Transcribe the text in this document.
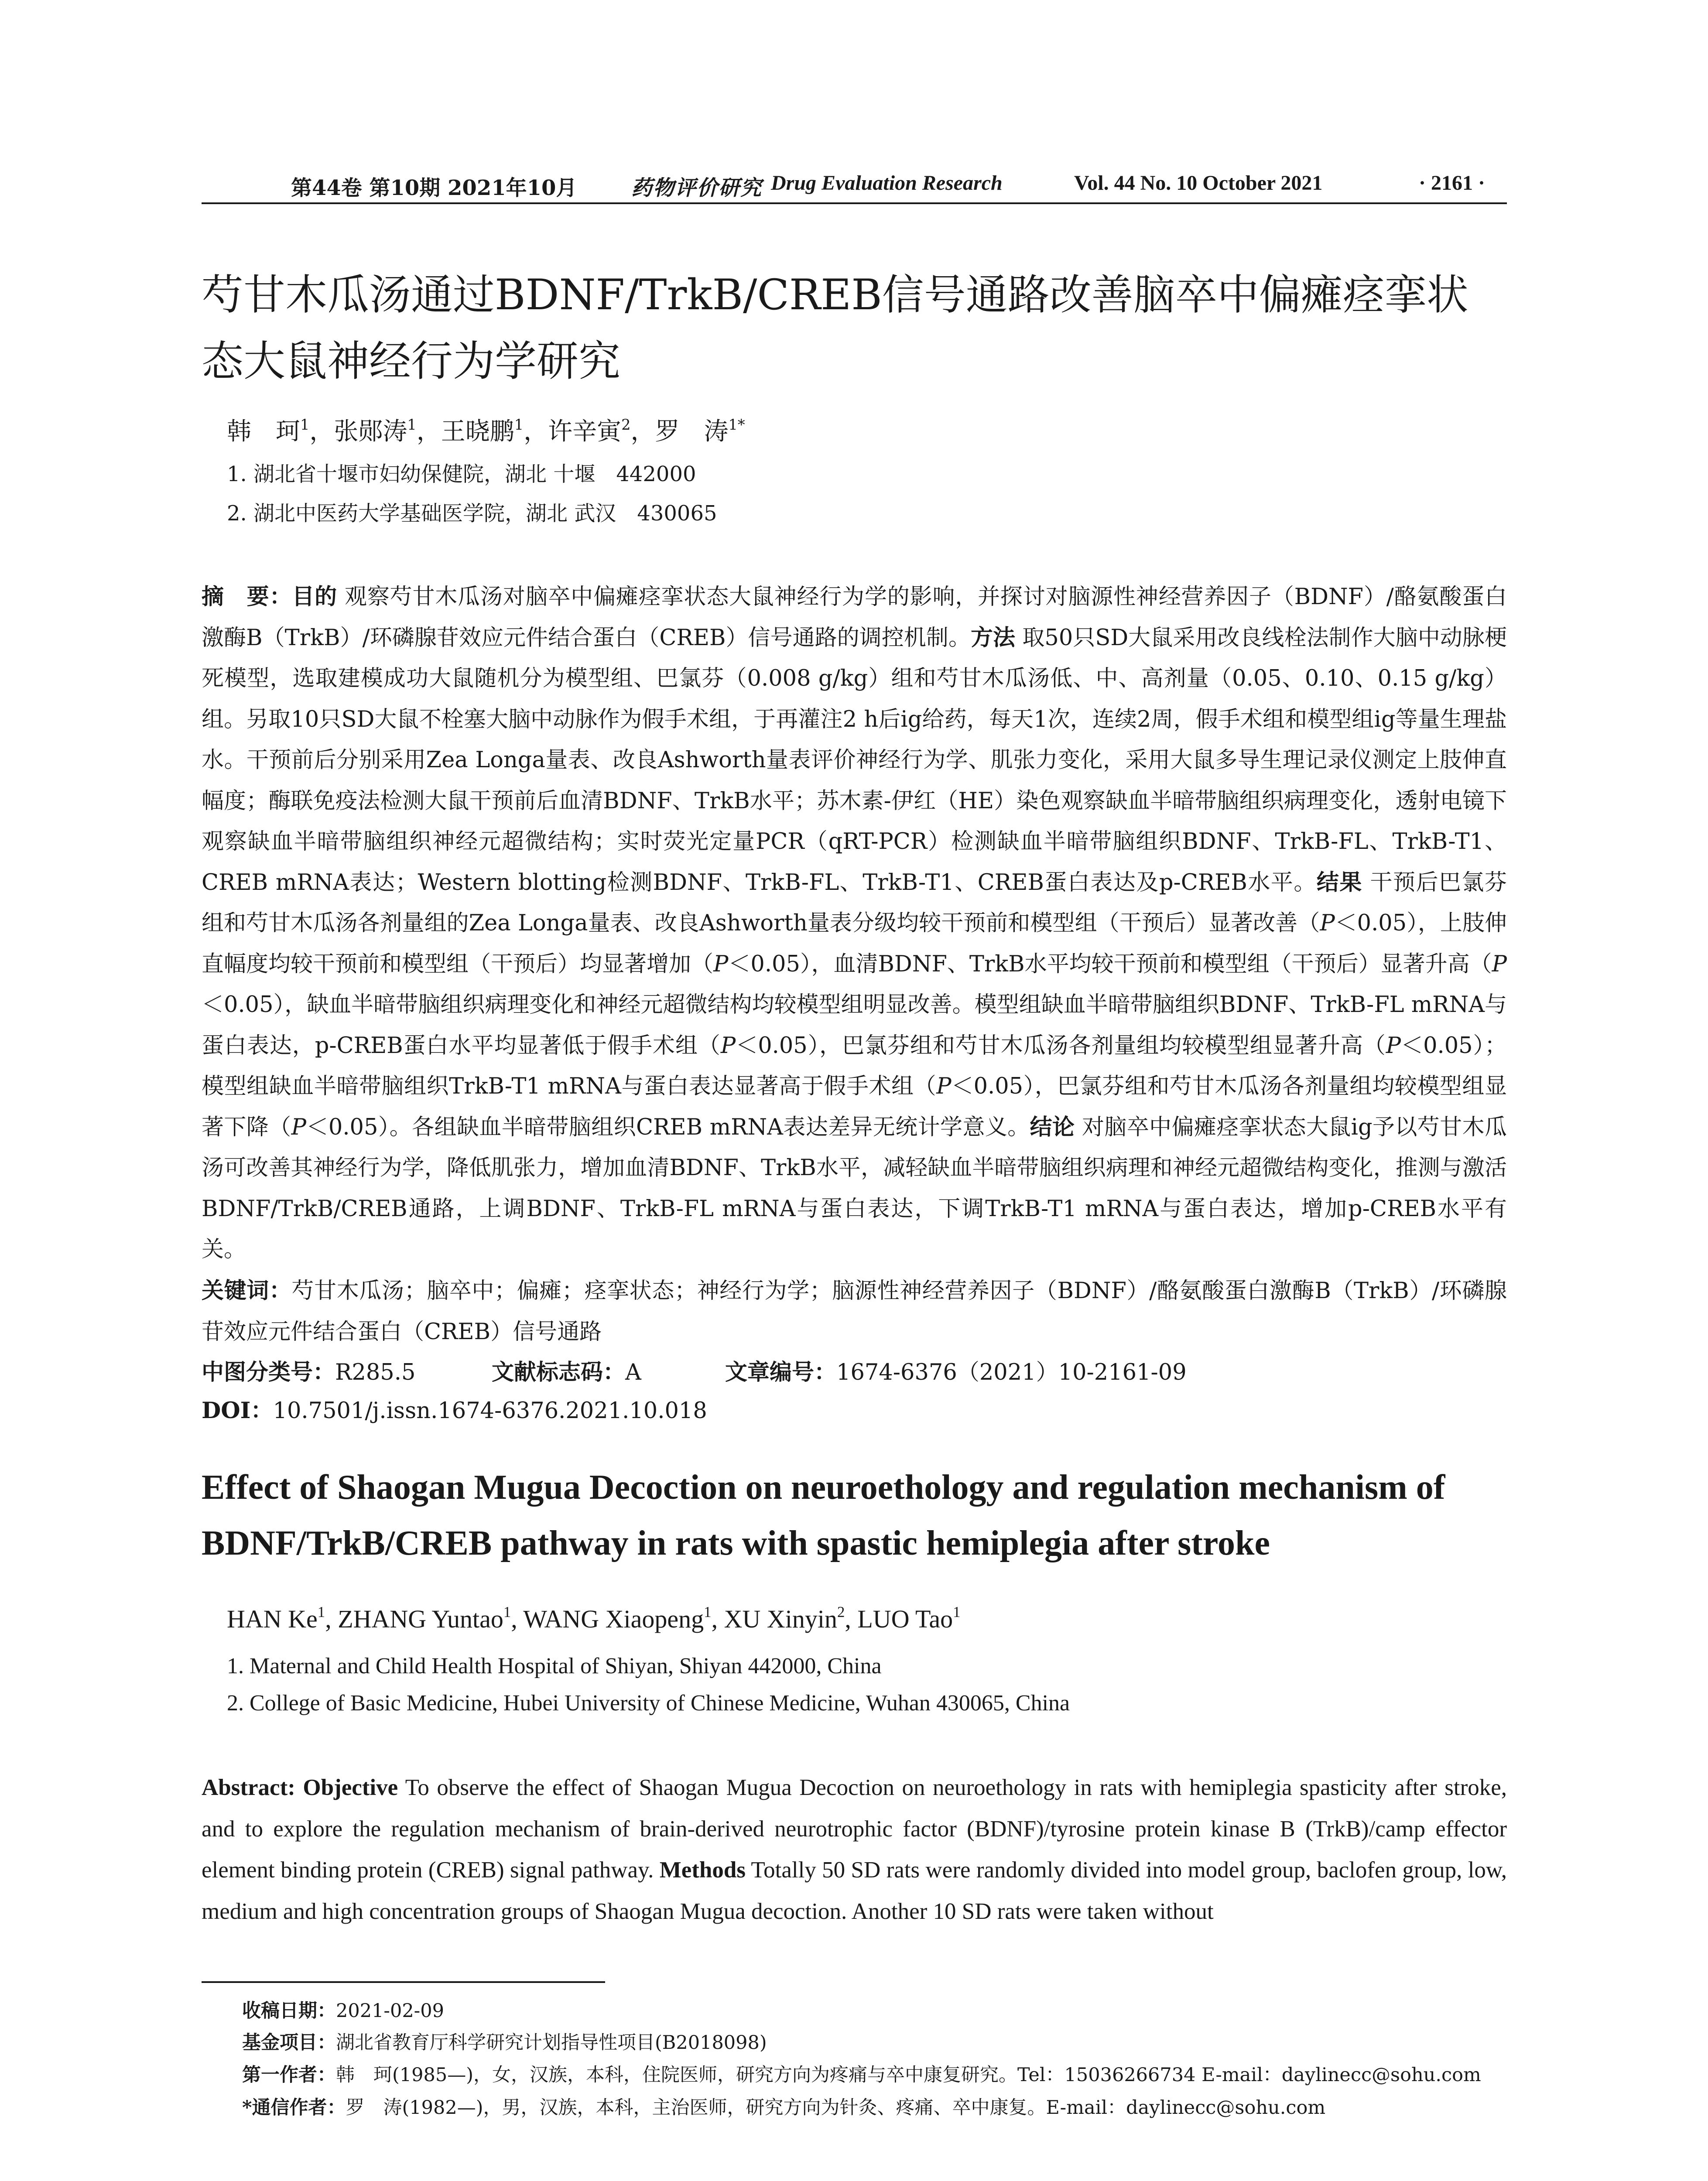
第44卷 第10期 2021年10月	药物评价研究 Drug Evaluation Research	Vol. 44 No. 10 October 2021	· 2161 ·
芍甘木瓜汤通过BDNF/TrkB/CREB信号通路改善脑卒中偏瘫痉挛状态大鼠神经行为学研究
韩　珂$^1$，张郧涛$^1$，王晓鹏$^1$，许辛寅$^2$，罗　涛$^{1*}$
1. 湖北省十堰市妇幼保健院，湖北 十堰　442000
2. 湖北中医药大学基础医学院，湖北 武汉　430065

摘　要：目的 观察芍甘木瓜汤对脑卒中偏瘫痉挛状态大鼠神经行为学的影响，并探讨对脑源性神经营养因子（BDNF）/酪氨酸蛋白激酶B（TrkB）/环磷腺苷效应元件结合蛋白（CREB）信号通路的调控机制。方法 取50只SD大鼠采用改良线栓法制作大脑中动脉梗死模型，选取建模成功大鼠随机分为模型组、巴氯芬（0.008 g/kg）组和芍甘木瓜汤低、中、高剂量（0.05、0.10、0.15 g/kg）组。另取10只SD大鼠不栓塞大脑中动脉作为假手术组，于再灌注2 h后ig给药，每天1次，连续2周，假手术组和模型组ig等量生理盐水。干预前后分别采用Zea Longa量表、改良Ashworth量表评价神经行为学、肌张力变化，采用大鼠多导生理记录仪测定上肢伸直幅度；酶联免疫法检测大鼠干预前后血清BDNF、TrkB水平；苏木素-伊红（HE）染色观察缺血半暗带脑组织病理变化，透射电镜下观察缺血半暗带脑组织神经元超微结构；实时荧光定量PCR（qRT-PCR）检测缺血半暗带脑组织BDNF、TrkB-FL、TrkB-T1、CREB mRNA表达；Western blotting检测BDNF、TrkB-FL、TrkB-T1、CREB蛋白表达及p-CREB水平。结果 干预后巴氯芬组和芍甘木瓜汤各剂量组的Zea Longa量表、改良Ashworth量表分级均较干预前和模型组（干预后）显著改善（P＜0.05），上肢伸直幅度均较干预前和模型组（干预后）均显著增加（P＜0.05），血清BDNF、TrkB水平均较干预前和模型组（干预后）显著升高（P＜0.05），缺血半暗带脑组织病理变化和神经元超微结构均较模型组明显改善。模型组缺血半暗带脑组织BDNF、TrkB-FL mRNA与蛋白表达，p-CREB蛋白水平均显著低于假手术组（P＜0.05），巴氯芬组和芍甘木瓜汤各剂量组均较模型组显著升高（P＜0.05）；模型组缺血半暗带脑组织TrkB-T1 mRNA与蛋白表达显著高于假手术组（P＜0.05），巴氯芬组和芍甘木瓜汤各剂量组均较模型组显著下降（P＜0.05）。各组缺血半暗带脑组织CREB mRNA表达差异无统计学意义。结论 对脑卒中偏瘫痉挛状态大鼠ig予以芍甘木瓜汤可改善其神经行为学，降低肌张力，增加血清BDNF、TrkB水平，减轻缺血半暗带脑组织病理和神经元超微结构变化，推测与激活BDNF/TrkB/CREB通路，上调BDNF、TrkB-FL mRNA与蛋白表达，下调TrkB-T1 mRNA与蛋白表达，增加p-CREB水平有关。

关键词：芍甘木瓜汤；脑卒中；偏瘫；痉挛状态；神经行为学；脑源性神经营养因子（BDNF）/酪氨酸蛋白激酶B（TrkB）/环磷腺苷效应元件结合蛋白（CREB）信号通路

中图分类号： R285.5	文献标志码： A	文章编号： 1674-6376（2021）10-2161-09
DOI：10.7501/j.issn.1674-6376.2021.10.018
Effect of Shaogan Mugua Decoction on neuroethology and regulation mechanism of BDNF/TrkB/CREB pathway in rats with spastic hemiplegia after stroke
HAN Ke$^1$, ZHANG Yuntao$^1$, WANG Xiaopeng$^1$, XU Xinyin$^2$, LUO Tao$^1$
1. Maternal and Child Health Hospital of Shiyan, Shiyan 442000, China
2. College of Basic Medicine, Hubei University of Chinese Medicine, Wuhan 430065, China

Abstract: Objective To observe the effect of Shaogan Mugua Decoction on neuroethology in rats with hemiplegia spasticity after stroke, and to explore the regulation mechanism of brain-derived neurotrophic factor (BDNF)/tyrosine protein kinase B (TrkB)/camp effector element binding protein (CREB) signal pathway. Methods Totally 50 SD rats were randomly divided into model group, baclofen group, low, medium and high concentration groups of Shaogan Mugua decoction. Another 10 SD rats were taken without

收稿日期：2021-02-09
基金项目：湖北省教育厅科学研究计划指导性项目(B2018098)
第一作者：韩　珂(1985—)，女，汉族，本科，住院医师，研究方向为疼痛与卒中康复研究。Tel：15036266734 E-mail：daylinecc@sohu.com
*通信作者：罗　涛(1982—)，男，汉族，本科，主治医师，研究方向为针灸、疼痛、卒中康复。E-mail：daylinecc@sohu.com
